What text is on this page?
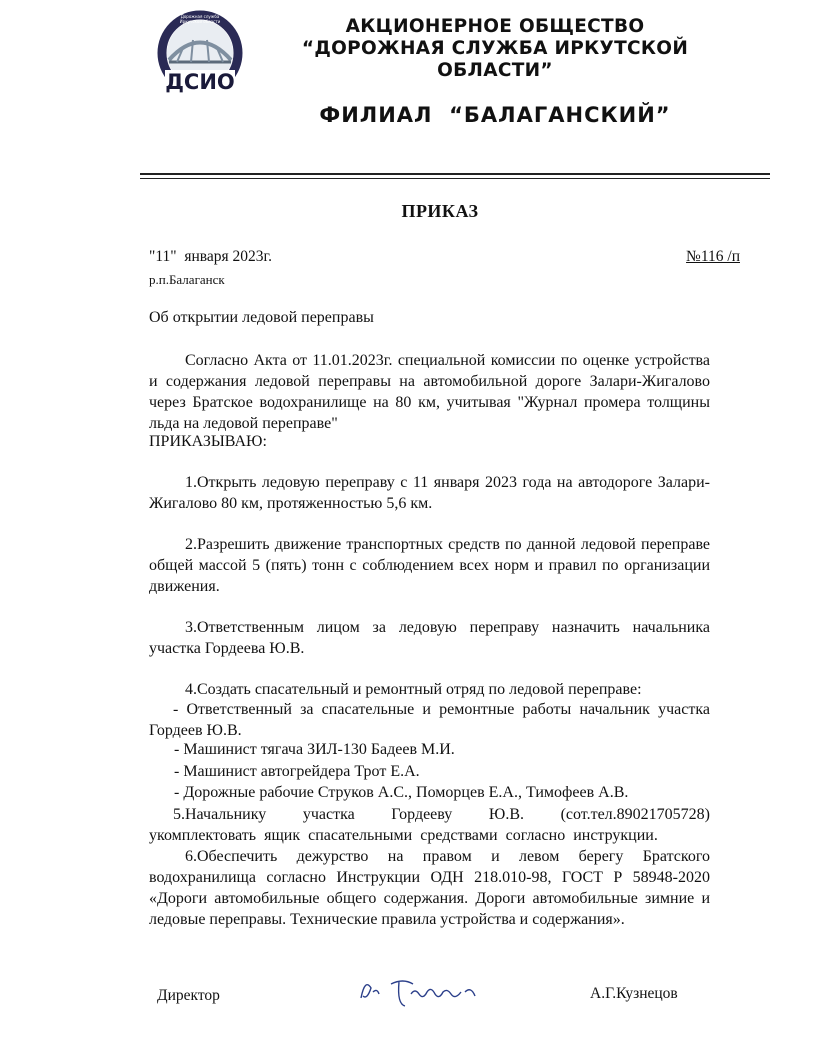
ДСИО
Дорожная служба Иркутской области	АКЦИОНЕРНОЕ ОБЩЕСТВО
“ДОРОЖНАЯ СЛУЖБА ИРКУТСКОЙ
ОБЛАСТИ”
ФИЛИАЛ  “БАЛАГАНСКИЙ”
ПРИКАЗ
"11"  января 2023г.	№116 /п
р.п.Балаганск
Об открытии ледовой переправы
Согласно Акта от 11.01.2023г. специальной комиссии по оценке устройства и содержания ледовой переправы на автомобильной дороге Залари-Жигалово через Братское водохранилище на 80 км, учитывая "Журнал промера толщины льда на ледовой переправе"
ПРИКАЗЫВАЮ:
1.Открыть ледовую переправу с 11 января 2023 года на автодороге Залари-Жигалово 80 км, протяженностью 5,6 км.
2.Разрешить движение транспортных средств по данной ледовой переправе общей массой 5 (пять) тонн с соблюдением всех норм и правил по организации движения.
3.Ответственным лицом за ледовую переправу назначить начальника участка Гордеева Ю.В.
4.Создать спасательный и ремонтный отряд по ледовой переправе:
- Ответственный за спасательные и ремонтные работы начальник участка Гордеев Ю.В.
- Машинист тягача ЗИЛ-130 Бадеев М.И.
- Машинист автогрейдера Трот Е.А.
- Дорожные рабочие Струков А.С., Поморцев Е.А., Тимофеев А.В.
5.Начальнику участка Гордееву Ю.В. (сот.тел.89021705728) укомплектовать ящик спасательными средствами согласно инструкции.
6.Обеспечить дежурство на правом и левом берегу Братского водохранилища согласно Инструкции ОДН 218.010-98, ГОСТ Р 58948-2020 «Дороги автомобильные общего содержания. Дороги автомобильные зимние и ледовые переправы. Технические правила устройства и содержания».
Директор	А.Г.Кузнецов
